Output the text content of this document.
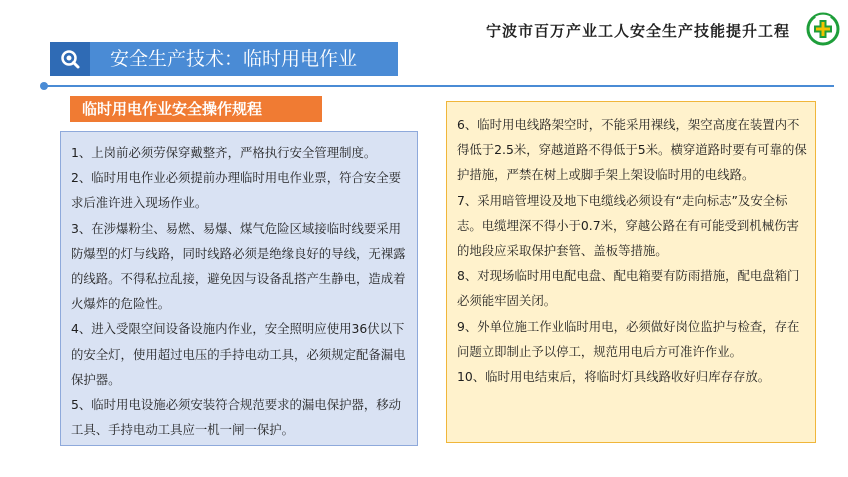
宁波市百万产业工人安全生产技能提升工程
安全生产技术：临时用电作业
临时用电作业安全操作规程

1、上岗前必须劳保穿戴整齐，严格执行安全管理制度。

2、临时用电作业必须提前办理临时用电作业票，符合安全要求后准许进入现场作业。

3、在涉爆粉尘、易燃、易爆、煤气危险区域接临时线要采用防爆型的灯与线路，同时线路必须是绝缘良好的导线，无裸露的线路。不得私拉乱接，避免因与设备乱搭产生静电，造成着火爆炸的危险性。

4、进入受限空间设备设施内作业，安全照明应使用36伏以下的安全灯，使用超过电压的手持电动工具，必须规定配备漏电保护器。

5、临时用电设施必须安装符合规范要求的漏电保护器，移动工具、手持电动工具应一机一闸一保护。

6、临时用电线路架空时，不能采用裸线，架空高度在装置内不得低于2.5米，穿越道路不得低于5米。横穿道路时要有可靠的保护措施，严禁在树上或脚手架上架设临时用的电线路。

7、采用暗管埋设及地下电缆线必须设有“走向标志”及安全标志。电缆埋深不得小于0.7米，穿越公路在有可能受到机械伤害的地段应采取保护套管、盖板等措施。

8、对现场临时用电配电盘、配电箱要有防雨措施，配电盘箱门必须能牢固关闭。

9、外单位施工作业临时用电，必须做好岗位监护与检查，存在问题立即制止予以停工，规范用电后方可准许作业。

10、临时用电结束后，将临时灯具线路收好归库存存放。
